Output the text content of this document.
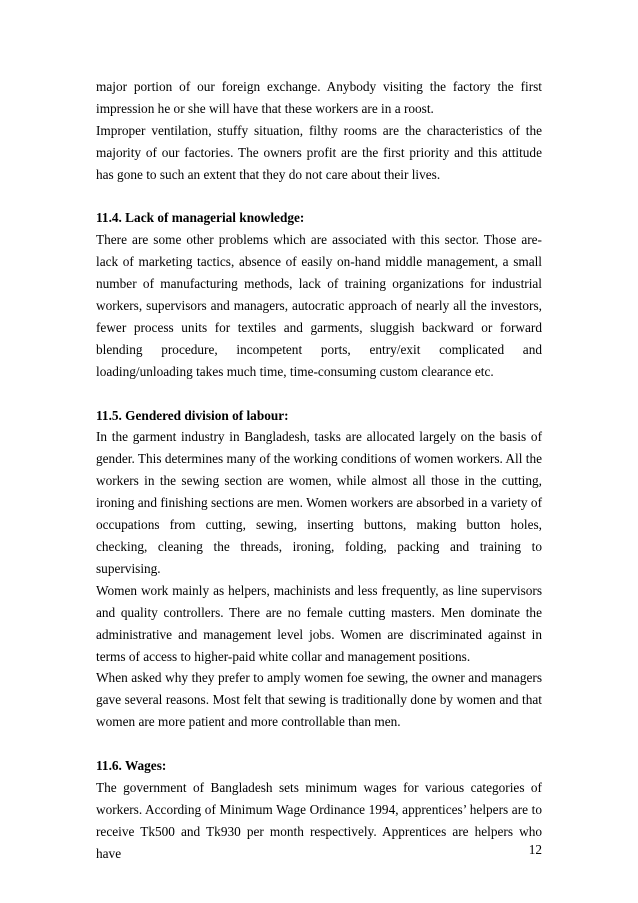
major portion of our foreign exchange. Anybody visiting the factory the first impression he or she will have that these workers are in a roost.

Improper ventilation, stuffy situation, filthy rooms are the characteristics of the majority of our factories. The owners profit are the first priority and this attitude has gone to such an extent that they do not care about their lives.

11.4. Lack of managerial knowledge:

There are some other problems which are associated with this sector. Those are- lack of marketing tactics, absence of easily on-hand middle management, a small number of manufacturing methods, lack of training organizations for industrial workers, supervisors and managers, autocratic approach of nearly all the investors, fewer process units for textiles and garments, sluggish backward or forward blending procedure, incompetent ports, entry/exit complicated and loading/unloading takes much time, time-consuming custom clearance etc.

11.5. Gendered division of labour:

In the garment industry in Bangladesh, tasks are allocated largely on the basis of gender. This determines many of the working conditions of women workers. All the workers in the sewing section are women, while almost all those in the cutting, ironing and finishing sections are men. Women workers are absorbed in a variety of occupations from cutting, sewing, inserting buttons, making button holes, checking, cleaning the threads, ironing, folding, packing and training to supervising.

Women work mainly as helpers, machinists and less frequently, as line supervisors and quality controllers. There are no female cutting masters. Men dominate the administrative and management level jobs. Women are discriminated against in terms of access to higher-paid white collar and management positions.

When asked why they prefer to amply women foe sewing, the owner and managers gave several reasons. Most felt that sewing is traditionally done by women and that women are more patient and more controllable than men.

11.6. Wages:

The government of Bangladesh sets minimum wages for various categories of workers. According of Minimum Wage Ordinance 1994, apprentices’ helpers are to receive Tk500 and Tk930 per month respectively. Apprentices are helpers who have	12
